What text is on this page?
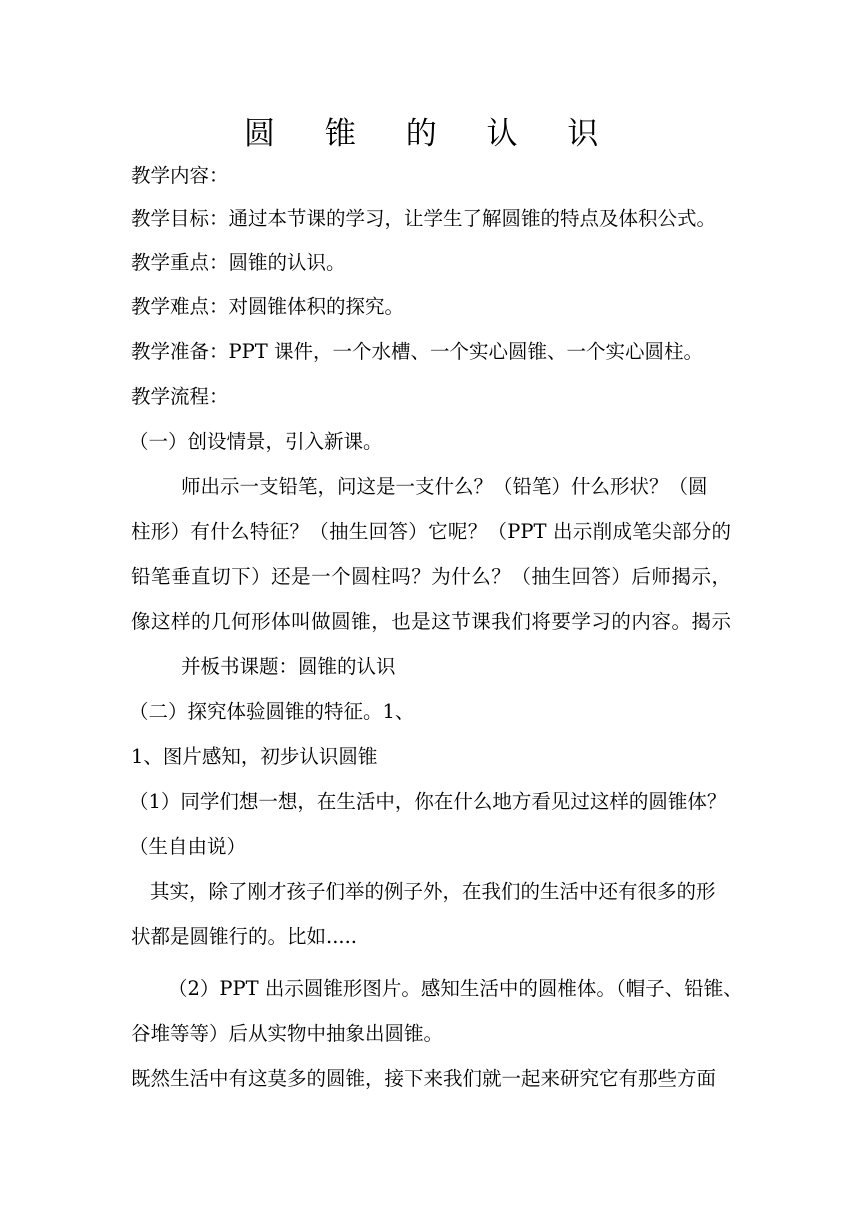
圆 锥 的 认 识
教学内容：
教学目标：通过本节课的学习，让学生了解圆锥的特点及体积公式。
教学重点：圆锥的认识。
教学难点：对圆锥体积的探究。
教学准备：PPT 课件，一个水槽、一个实心圆锥、一个实心圆柱。
教学流程：
（一）创设情景，引入新课。
师出示一支铅笔，问这是一支什么？（铅笔）什么形状？（圆
柱形）有什么特征？（抽生回答）它呢？（PPT 出示削成笔尖部分的
铅笔垂直切下）还是一个圆柱吗？为什么？（抽生回答）后师揭示，
像这样的几何形体叫做圆锥，也是这节课我们将要学习的内容。揭示
并板书课题：圆锥的认识
（二）探究体验圆锥的特征。1、
1、图片感知，初步认识圆锥
（1）同学们想一想，在生活中，你在什么地方看见过这样的圆锥体？
（生自由说）
其实，除了刚才孩子们举的例子外，在我们的生活中还有很多的形
状都是圆锥行的。比如.....
（2）PPT 出示圆锥形图片。感知生活中的圆椎体。（帽子、铅锥、
谷堆等等）后从实物中抽象出圆锥。
既然生活中有这莫多的圆锥，接下来我们就一起来研究它有那些方面
